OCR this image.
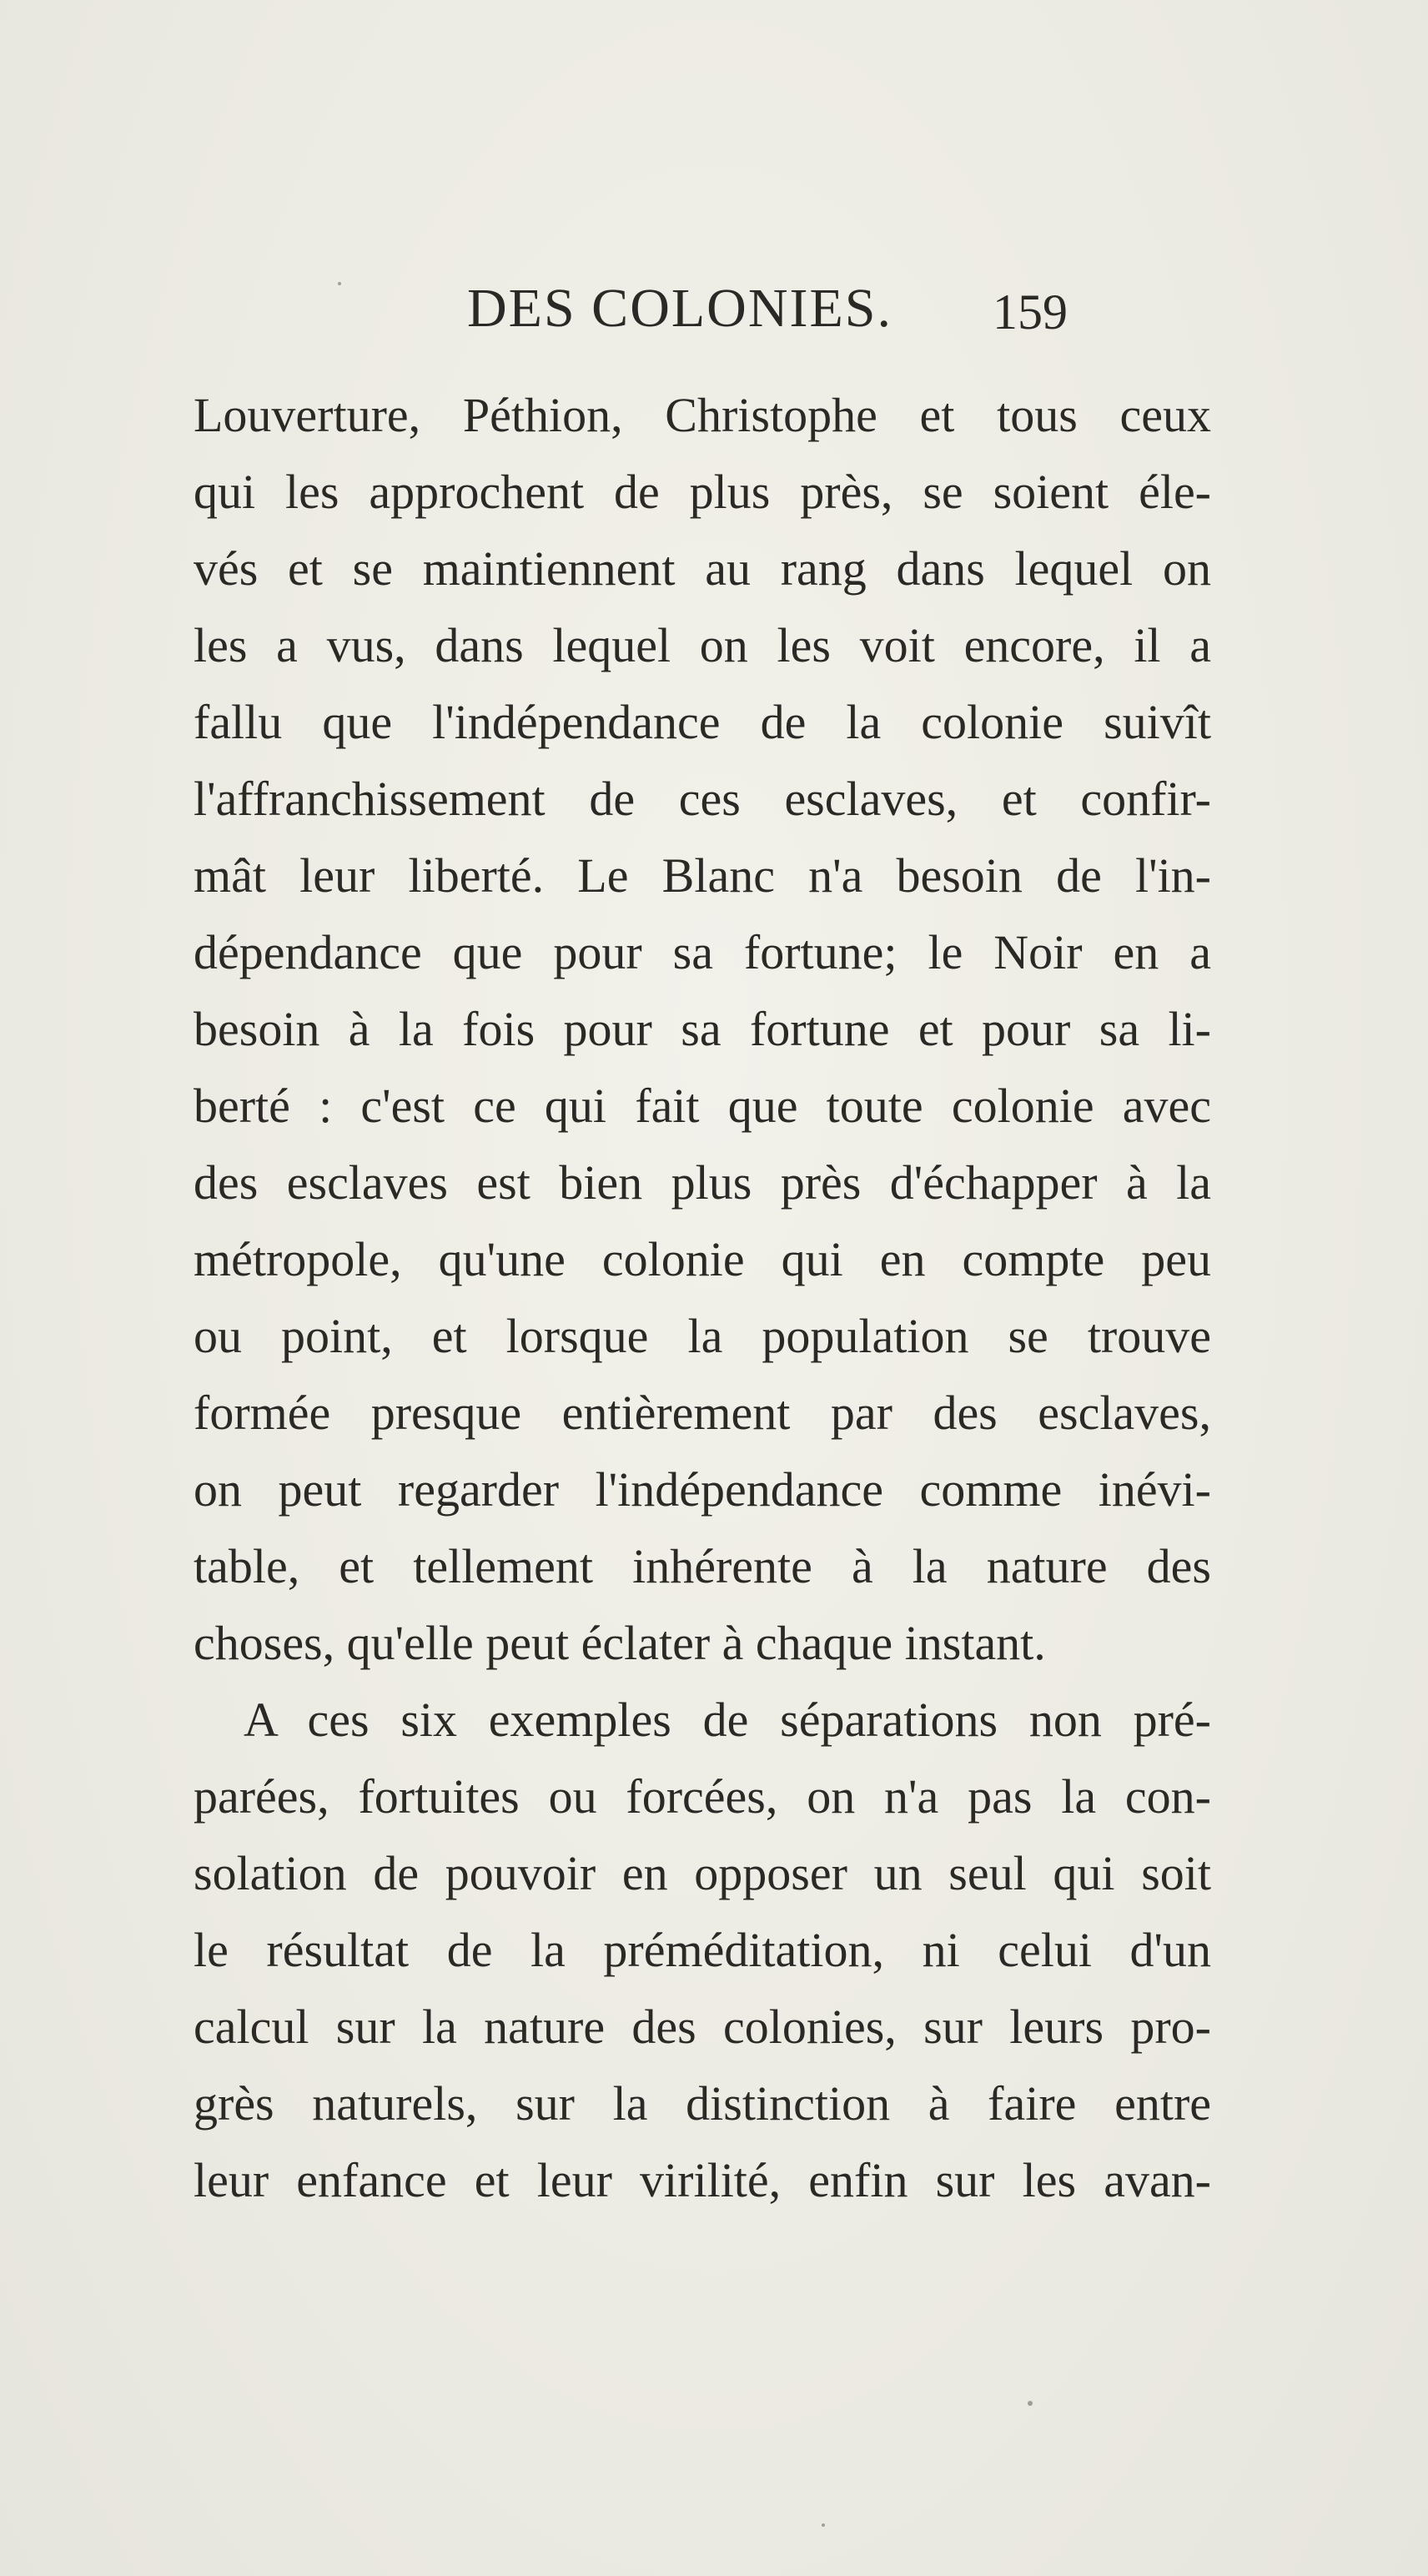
DES COLONIES. 159
Louverture, Péthion, Christophe et tous ceux
qui les approchent de plus près, se soient éle-
vés et se maintiennent au rang dans lequel on
les a vus, dans lequel on les voit encore, il a
fallu que l'indépendance de la colonie suivît
l'affranchissement de ces esclaves, et confir-
mât leur liberté. Le Blanc n'a besoin de l'in-
dépendance que pour sa fortune; le Noir en a
besoin à la fois pour sa fortune et pour sa li-
berté : c'est ce qui fait que toute colonie avec
des esclaves est bien plus près d'échapper à la
métropole, qu'une colonie qui en compte peu
ou point, et lorsque la population se trouve
formée presque entièrement par des esclaves,
on peut regarder l'indépendance comme inévi-
table, et tellement inhérente à la nature des
choses, qu'elle peut éclater à chaque instant.
A ces six exemples de séparations non pré-
parées, fortuites ou forcées, on n'a pas la con-
solation de pouvoir en opposer un seul qui soit
le résultat de la préméditation, ni celui d'un
calcul sur la nature des colonies, sur leurs pro-
grès naturels, sur la distinction à faire entre
leur enfance et leur virilité, enfin sur les avan-
